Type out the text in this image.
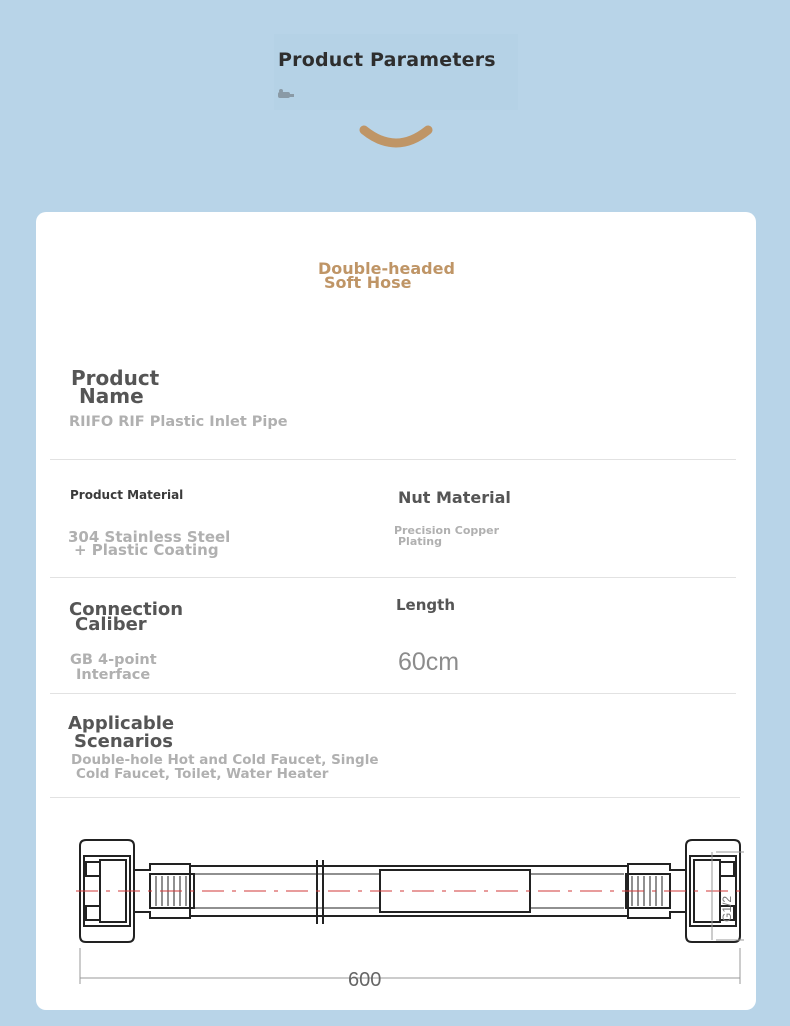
Product Parameters
Double-headed
Soft Hose
Product
Name
RIIFO RIF Plastic Inlet Pipe
Product Material
304 Stainless Steel
+ Plastic Coating
Nut Material
Precision Copper
Plating
Connection
Caliber
GB 4-point
Interface
Length
60cm
Applicable
Scenarios
Double-hole Hot and Cold Faucet, Single
Cold Faucet, Toilet, Water Heater
600
G1/2
